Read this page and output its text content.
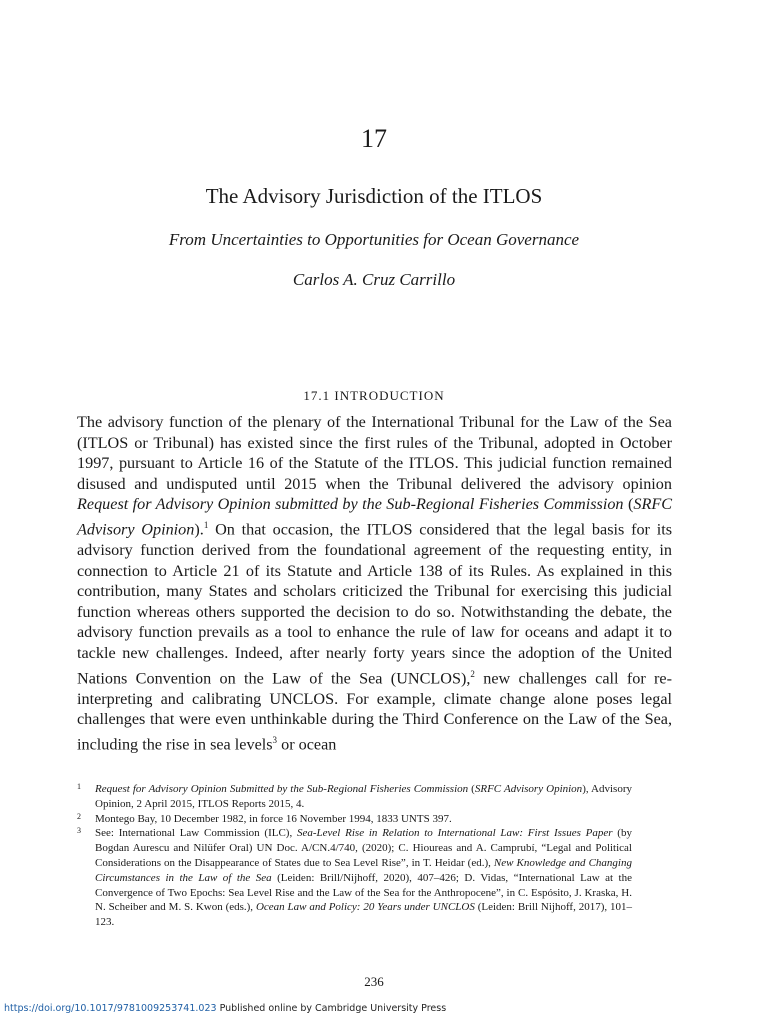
17
The Advisory Jurisdiction of the ITLOS
From Uncertainties to Opportunities for Ocean Governance
Carlos A. Cruz Carrillo
17.1 INTRODUCTION

The advisory function of the plenary of the International Tribunal for the Law of the Sea (ITLOS or Tribunal) has existed since the first rules of the Tribunal, adopted in October 1997, pursuant to Article 16 of the Statute of the ITLOS. This judicial function remained disused and undisputed until 2015 when the Tribunal delivered the advisory opinion Request for Advisory Opinion submitted by the Sub-Regional Fisheries Commission (SRFC Advisory Opinion).$^1$ On that occasion, the ITLOS considered that the legal basis for its advisory function derived from the foundational agreement of the requesting entity, in connection to Article 21 of its Statute and Article 138 of its Rules. As explained in this contribution, many States and scholars criticized the Tribunal for exercising this judicial function whereas others supported the decision to do so. Notwithstanding the debate, the advisory function prevails as a tool to enhance the rule of law for oceans and adapt it to tackle new challenges. Indeed, after nearly forty years since the adoption of the United Nations Convention on the Law of the Sea (UNCLOS),$^2$ new challenges call for re-interpreting and calibrating UNCLOS. For example, climate change alone poses legal challenges that were even unthinkable during the Third Conference on the Law of the Sea, including the rise in sea levels$^3$ or ocean

1 Request for Advisory Opinion Submitted by the Sub-Regional Fisheries Commission (SRFC Advisory Opinion), Advisory Opinion, 2 April 2015, ITLOS Reports 2015, 4.
2 Montego Bay, 10 December 1982, in force 16 November 1994, 1833 UNTS 397.
3 See: International Law Commission (ILC), Sea-Level Rise in Relation to International Law: First Issues Paper (by Bogdan Aurescu and Nilüfer Oral) UN Doc. A/CN.4/740, (2020); C. Hioureas and A. Camprubí, “Legal and Political Considerations on the Disappearance of States due to Sea Level Rise”, in T. Heidar (ed.), New Knowledge and Changing Circumstances in the Law of the Sea (Leiden: Brill/Nijhoff, 2020), 407–426; D. Vidas, “International Law at the Convergence of Two Epochs: Sea Level Rise and the Law of the Sea for the Anthropocene”, in C. Espósito, J. Kraska, H. N. Scheiber and M. S. Kwon (eds.), Ocean Law and Policy: 20 Years under UNCLOS (Leiden: Brill Nijhoff, 2017), 101–123.
236
https://doi.org/10.1017/9781009253741.023 Published online by Cambridge University Press
